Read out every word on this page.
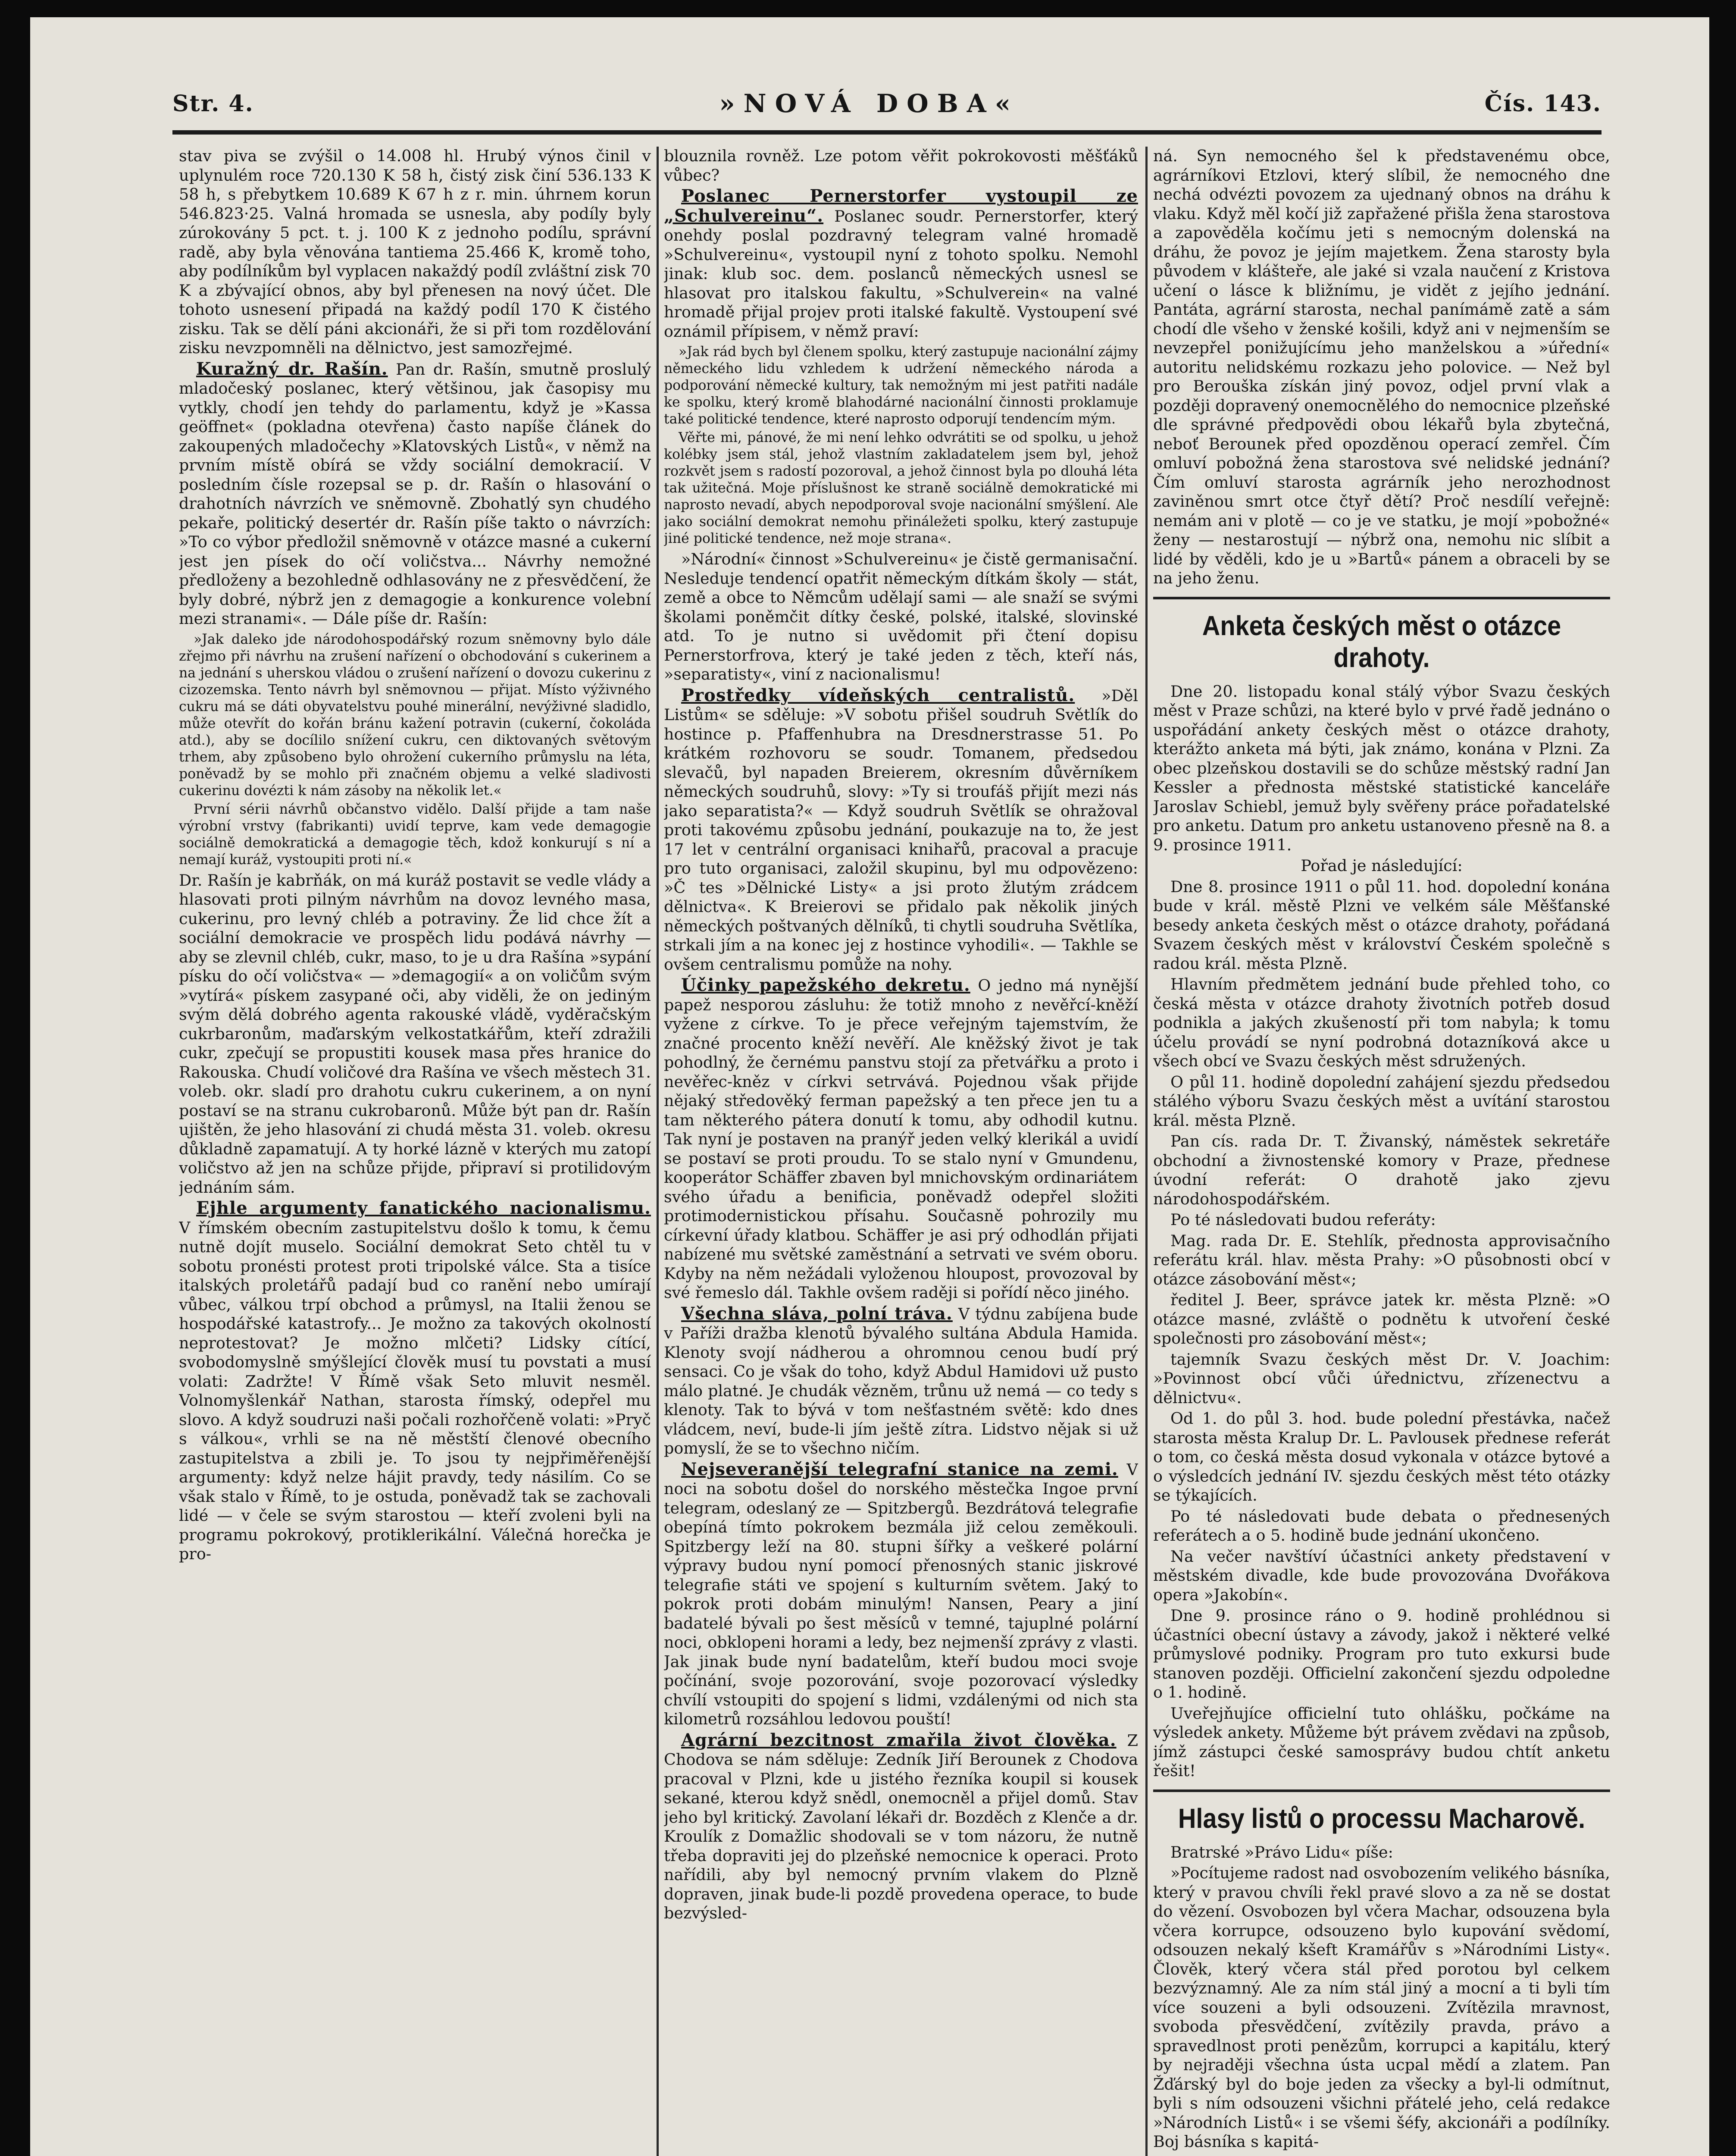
Str. 4.	»NOVÁ DOBA«	Čís. 143.

stav piva se zvýšil o 14.008 hl. Hrubý výnos činil v uplynulém roce 720.130 K 58 h, čistý zisk činí 536.133 K 58 h, s přebytkem 10.689 K 67 h z r. min. úhrnem korun 546.823·25. Valná hromada se usnesla, aby podíly byly zúrokovány 5 pct. t. j. 100 K z jednoho podílu, správní radě, aby byla věnována tantiema 25.466 K, kromě toho, aby podílníkům byl vyplacen nakaždý podíl zvláštní zisk 70 K a zbývající obnos, aby byl přenesen na nový účet. Dle tohoto usnesení připadá na každý podíl 170 K čistého zisku. Tak se dělí páni akcionáři, že si při tom rozdělování zisku nevzpomněli na dělnictvo, jest samozřejmé.

Kuražný dr. Rašín. Pan dr. Rašín, smutně proslulý mladočeský poslanec, který většinou, jak časopisy mu vytkly, chodí jen tehdy do parlamentu, když je »Kassa geöffnet« (pokladna otevřena) často napíše článek do zakoupených mladočechy »Klatovských Listů«, v němž na prvním místě obírá se vždy sociální demokracií. V posledním čísle rozepsal se p. dr. Rašín o hlasování o drahotních návrzích ve sněmovně. Zbohatlý syn chudého pekaře, politický desertér dr. Rašín píše takto o návrzích: »To co výbor předložil sněmovně v otázce masné a cukerní jest jen písek do očí voličstva... Návrhy nemožné předloženy a bezohledně odhlasovány ne z přesvědčení, že byly dobré, nýbrž jen z demagogie a konkurence volební mezi stranami«. — Dále píše dr. Rašín:

»Jak daleko jde národohospodářský rozum sněmovny bylo dále zřejmo při návrhu na zrušení nařízení o obchodování s cukerinem a na jednání s uherskou vládou o zrušení nařízení o dovozu cukerinu z cizozemska. Tento návrh byl sněmovnou — přijat. Místo výživného cukru má se dáti obyvatelstvu pouhé minerální, nevýživné sladidlo, může otevřít do kořán bránu kažení potravin (cukerní, čokoláda atd.), aby se docílilo snížení cukru, cen diktovaných světovým trhem, aby způsobeno bylo ohrožení cukerního průmyslu na léta, poněvadž by se mohlo při značném objemu a velké sladivosti cukerinu dovézti k nám zásoby na několik let.«

První sérii návrhů občanstvo vidělo. Další přijde a tam naše výrobní vrstvy (fabrikanti) uvidí teprve, kam vede demagogie sociálně demokratická a demagogie těch, kdož konkurují s ní a nemají kuráž, vystoupiti proti ní.«

Dr. Rašín je kabrňák, on má kuráž postavit se vedle vlády a hlasovati proti pilným návrhům na dovoz levného masa, cukerinu, pro levný chléb a potraviny. Že lid chce žít a sociální demokracie ve prospěch lidu podává návrhy — aby se zlevnil chléb, cukr, maso, to je u dra Rašína »sypání písku do očí voličstva« — »demagogií« a on voličům svým »vytírá« pískem zasypané oči, aby viděli, že on jediným svým dělá dobrého agenta rakouské vládě, vyděračským cukrbaronům, maďarským velkostatkářům, kteří zdražili cukr, zpečují se propustiti kousek masa přes hranice do Rakouska. Chudí voličové dra Rašína ve všech městech 31. voleb. okr. sladí pro drahotu cukru cukerinem, a on nyní postaví se na stranu cukrobaronů. Může být pan dr. Rašín ujištěn, že jeho hlasování zi chudá města 31. voleb. okresu důkladně zapamatují. A ty horké lázně v kterých mu zatopí voličstvo až jen na schůze přijde, připraví si protilidovým jednáním sám.

Ejhle argumenty fanatického nacionalismu. V římském obecním zastupitelstvu došlo k tomu, k čemu nutně dojít muselo. Sociální demokrat Seto chtěl tu v sobotu pronésti protest proti tripolské válce. Sta a tisíce italských proletářů padají bud co ranění nebo umírají vůbec, válkou trpí obchod a průmysl, na Italii ženou se hospodářské katastrofy... Je možno za takových okolností neprotestovat? Je možno mlčeti? Lidsky cítící, svobodomyslně smýšlející člověk musí tu povstati a musí volati: Zadržte! V Římě však Seto mluvit nesměl. Volnomyšlenkář Nathan, starosta římský, odepřel mu slovo. A když soudruzi naši počali rozhořčeně volati: »Pryč s válkou«, vrhli se na ně městští členové obecního zastupitelstva a zbili je. To jsou ty nejpřiměřenější argumenty: když nelze hájit pravdy, tedy násilím. Co se však stalo v Římě, to je ostuda, poněvadž tak se zachovali lidé — v čele se svým starostou — kteří zvoleni byli na programu pokrokový, protiklerikální. Válečná horečka je pro-

blouznila rovněž. Lze potom věřit pokrokovosti měšťáků vůbec?

Poslanec Pernerstorfer vystoupil ze „Schulvereinu“. Poslanec soudr. Pernerstorfer, který onehdy poslal pozdravný telegram valné hromadě »Schulvereinu«, vystoupil nyní z tohoto spolku. Nemohl jinak: klub soc. dem. poslanců německých usnesl se hlasovat pro italskou fakultu, »Schulverein« na valné hromadě přijal projev proti italské fakultě. Vystoupení své oznámil přípisem, v němž praví:

»Jak rád bych byl členem spolku, který zastupuje nacionální zájmy německého lidu vzhledem k udržení německého národa a podporování německé kultury, tak nemožným mi jest patřiti nadále ke spolku, který kromě blahodárné nacionální činnosti proklamuje také politické tendence, které naprosto odporují tendencím mým.

Věřte mi, pánové, že mi není lehko odvrátiti se od spolku, u jehož kolébky jsem stál, jehož vlastním zakladatelem jsem byl, jehož rozkvět jsem s radostí pozoroval, a jehož činnost byla po dlouhá léta tak užitečná. Moje příslušnost ke straně sociálně demokratické mi naprosto nevadí, abych nepodporoval svoje nacionální smýšlení. Ale jako sociální demokrat nemohu přináležeti spolku, který zastupuje jiné politické tendence, než moje strana«.

»Národní« činnost »Schulvereinu« je čistě germanisační. Nesleduje tendencí opatřit německým dítkám školy — stát, země a obce to Němcům udělají sami — ale snaží se svými školami poněmčit dítky české, polské, italské, slovinské atd. To je nutno si uvědomit při čtení dopisu Pernerstorfrova, který je také jeden z těch, kteří nás, »separatisty«, viní z nacionalismu!

Prostředky vídeňských centralistů. »Děl Listům« se sděluje: »V sobotu přišel soudruh Světlík do hostince p. Pfaffenhubra na Dresdnerstrasse 51. Po krátkém rozhovoru se soudr. Tomanem, předsedou slevačů, byl napaden Breierem, okresním důvěrníkem německých soudruhů, slovy: »Ty si troufáš přijít mezi nás jako separatista?« — Když soudruh Světlík se ohražoval proti takovému způsobu jednání, poukazuje na to, že jest 17 let v centrální organisaci knihařů, pracoval a pracuje pro tuto organisaci, založil skupinu, byl mu odpovězeno: »Č tes »Dělnické Listy« a jsi proto žlutým zrádcem dělnictva«. K Breierovi se přidalo pak několik jiných německých poštvaných dělníků, ti chytli soudruha Světlíka, strkali jím a na konec jej z hostince vyhodili«. — Takhle se ovšem centralismu pomůže na nohy.

Účinky papežského dekretu. O jedno má nynější papež nesporou zásluhu: že totiž mnoho z nevěřcí-kněží vyžene z církve. To je přece veřejným tajemstvím, že značné procento kněží nevěří. Ale kněžský život je tak pohodlný, že černému panstvu stojí za přetvářku a proto i nevěřec-kněz v církvi setrvává. Pojednou však přijde nějaký středověký ferman papežský a ten přece jen tu a tam některého pátera donutí k tomu, aby odhodil kutnu. Tak nyní je postaven na pranýř jeden velký klerikál a uvidí se postaví se proti proudu. To se stalo nyní v Gmundenu, kooperátor Schäffer zbaven byl mnichovským ordinariátem svého úřadu a benificia, poněvadž odepřel složiti protimodernistickou přísahu. Současně pohrozily mu církevní úřady klatbou. Schäffer je asi prý odhodlán přijati nabízené mu světské zaměstnání a setrvati ve svém oboru. Kdyby na něm nežádali vyloženou hloupost, provozoval by své řemeslo dál. Takhle ovšem raději si pořídí něco jiného.

Všechna sláva, polní tráva. V týdnu zabíjena bude v Paříži dražba klenotů bývalého sultána Abdula Hamida. Klenoty svojí nádherou a ohromnou cenou budí prý sensaci. Co je však do toho, když Abdul Hamidovi už pusto málo platné. Je chudák vězněm, trůnu už nemá — co tedy s klenoty. Tak to bývá v tom nešťastném světě: kdo dnes vládcem, neví, bude-li jím ještě zítra. Lidstvo nějak si už pomyslí, že se to všechno ničím.

Nejseveranější telegrafní stanice na zemi. V noci na sobotu došel do norského městečka Ingoe první telegram, odeslaný ze — Spitzbergů. Bezdrátová telegrafie obepíná tímto pokrokem bezmála již celou zeměkouli. Spitzbergy leží na 80. stupni šířky a veškeré polární výpravy budou nyní pomocí přenosných stanic jiskrové telegrafie státi ve spojení s kulturním světem. Jaký to pokrok proti dobám minulým! Nansen, Peary a jiní badatelé bývali po šest měsíců v temné, tajuplné polární noci, obklopeni horami a ledy, bez nejmenší zprávy z vlasti. Jak jinak bude nyní badatelům, kteří budou moci svoje počínání, svoje pozorování, svoje pozorovací výsledky chvílí vstoupiti do spojení s lidmi, vzdálenými od nich sta kilometrů rozsáhlou ledovou pouští!

Agrární bezcitnost zmařila život člověka. Z Chodova se nám sděluje: Zedník Jiří Berounek z Chodova pracoval v Plzni, kde u jistého řezníka koupil si kousek sekané, kterou když snědl, onemocněl a přijel domů. Stav jeho byl kritický. Zavolaní lékaři dr. Bozděch z Klenče a dr. Kroulík z Domažlic shodovali se v tom názoru, že nutně třeba dopraviti jej do plzeňské nemocnice k operaci. Proto nařídili, aby byl nemocný prvním vlakem do Plzně dopraven, jinak bude-li pozdě provedena operace, to bude bezvýsled-

ná. Syn nemocného šel k představenému obce, agrárníkovi Etzlovi, který slíbil, že nemocného dne nechá odvézti povozem za ujednaný obnos na dráhu k vlaku. Když měl kočí již zapřažené přišla žena starostova a zapověděla kočímu jeti s nemocným dolenská na dráhu, že povoz je jejím majetkem. Žena starosty byla původem v klášteře, ale jaké si vzala naučení z Kristova učení o lásce k bližnímu, je vidět z jejího jednání. Pantáta, agrární starosta, nechal panímámě zatě a sám chodí dle všeho v ženské košili, když ani v nejmenším se nevzepřel ponižujícímu jeho manželskou a »úřední« autoritu nelidskému rozkazu jeho polovice. — Než byl pro Berouška získán jiný povoz, odjel první vlak a později dopravený onemocnělého do nemocnice plzeňské dle správné předpovědi obou lékařů byla zbytečná, neboť Berounek před opozděnou operací zemřel. Čím omluví pobožná žena starostova své nelidské jednání? Čím omluví starosta agrárník jeho nerozhodnost zaviněnou smrt otce čtyř dětí? Proč nesdílí veřejně: nemám ani v plotě — co je ve statku, je mojí »pobožné« ženy — nestarostují — nýbrž ona, nemohu nic slíbit a lidé by věděli, kdo je u »Bartů« pánem a obraceli by se na jeho ženu.

Anketa českých měst o otázce drahoty.

Dne 20. listopadu konal stálý výbor Svazu českých měst v Praze schůzi, na které bylo v prvé řadě jednáno o uspořádání ankety českých měst o otázce drahoty, kterážto anketa má býti, jak známo, konána v Plzni. Za obec plzeňskou dostavili se do schůze městský radní Jan Kessler a přednosta městské statistické kanceláře Jaroslav Schiebl, jemuž byly svěřeny práce pořadatelské pro anketu. Datum pro anketu ustanoveno přesně na 8. a 9. prosince 1911.

Pořad je následující:

Dne 8. prosince 1911 o půl 11. hod. dopolední konána bude v král. městě Plzni ve velkém sále Měšťanské besedy anketa českých měst o otázce drahoty, pořádaná Svazem českých měst v království Českém společně s radou král. města Plzně.

Hlavním předmětem jednání bude přehled toho, co česká města v otázce drahoty životních potřeb dosud podnikla a jakých zkušeností při tom nabyla; k tomu účelu provádí se nyní podrobná dotazníková akce u všech obcí ve Svazu českých měst sdružených.

O půl 11. hodině dopolední zahájení sjezdu předsedou stálého výboru Svazu českých měst a uvítání starostou král. města Plzně.

Pan cís. rada Dr. T. Živanský, náměstek sekretáře obchodní a živnostenské komory v Praze, přednese úvodní referát: O drahotě jako zjevu národohospodářském.

Po té následovati budou referáty:

Mag. rada Dr. E. Stehlík, přednosta approvisačního referátu král. hlav. města Prahy: »O působnosti obcí v otázce zásobování měst«;

ředitel J. Beer, správce jatek kr. města Plzně: »O otázce masné, zvláště o podnětu k utvoření české společnosti pro zásobování měst«;

tajemník Svazu českých měst Dr. V. Joachim: »Povinnost obcí vůči úřednictvu, zřízenectvu a dělnictvu«.

Od 1. do půl 3. hod. bude polední přestávka, načež starosta města Kralup Dr. L. Pavlousek přednese referát o tom, co česká města dosud vykonala v otázce bytové a o výsledcích jednání IV. sjezdu českých měst této otázky se týkajících.

Po té následovati bude debata o přednesených referátech a o 5. hodině bude jednání ukončeno.

Na večer navštíví účastníci ankety představení v městském divadle, kde bude provozována Dvořákova opera »Jakobín«.

Dne 9. prosince ráno o 9. hodině prohlédnou si účastníci obecní ústavy a závody, jakož i některé velké průmyslové podniky. Program pro tuto exkursi bude stanoven později. Officielní zakončení sjezdu odpoledne o 1. hodině.

Uveřejňujíce officielní tuto ohlášku, počkáme na výsledek ankety. Můžeme být právem zvědavi na způsob, jímž zástupci české samosprávy budou chtít anketu řešit!

Hlasy listů o processu Macharově.

Bratrské »Právo Lidu« píše:

»Pocítujeme radost nad osvobozením velikého básníka, který v pravou chvíli řekl pravé slovo a za ně se dostat do vězení. Osvobozen byl včera Machar, odsouzena byla včera korrupce, odsouzeno bylo kupování svědomí, odsouzen nekalý kšeft Kramářův s »Národními Listy«. Člověk, který včera stál před porotou byl celkem bezvýznamný. Ale za ním stál jiný a mocní a ti byli tím více souzeni a byli odsouzeni. Zvítězila mravnost, svoboda přesvědčení, zvítězily pravda, právo a spravedlnost proti penězům, korrupci a kapitálu, který by nejraději všechna ústa ucpal mědí a zlatem. Pan Žďárský byl do boje jeden za všecky a byl-li odmítnut, byli s ním odsouzeni všichni přátelé jeho, celá redakce »Národních Listů« i se všemi šéfy, akcionáři a podílníky. Boj básníka s kapitá-
